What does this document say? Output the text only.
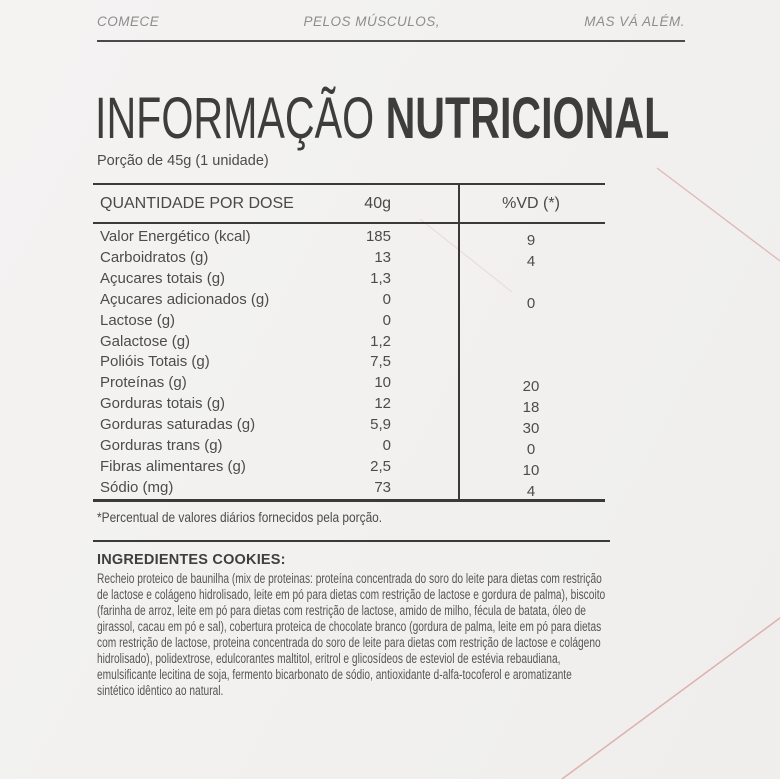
COMECE	PELOS MÚSCULOS,	MAS VÁ ALÉM.
INFORMAÇÃO NUTRICIONAL
Porção de 45g (1 unidade)
QUANTIDADE POR DOSE	40g	%VD (*)
Valor Energético (kcal)	185	9
Carboidratos (g)	13	4
Açucares totais (g)	1,3
Açucares adicionados (g)	0	0
Lactose (g)	0
Galactose (g)	1,2
Polióis Totais (g)	7,5
Proteínas (g)	10	20
Gorduras totais (g)	12	18
Gorduras saturadas (g)	5,9	30
Gorduras trans (g)	0	0
Fibras alimentares (g)	2,5	10
Sódio (mg)	73	4
*Percentual de valores diários fornecidos pela porção.
INGREDIENTES COOKIES:
Recheio proteico de baunilha (mix de proteinas: proteína concentrada do soro do leite para dietas com restrição de lactose e colágeno hidrolisado, leite em pó para dietas com restrição de lactose e gordura de palma), biscoito (farinha de arroz, leite em pó para dietas com restrição de lactose, amido de milho, fécula de batata, óleo de girassol, cacau em pó e sal), cobertura proteica de chocolate branco (gordura de palma, leite em pó para dietas com restrição de lactose, proteina concentrada do soro de leite para dietas com restrição de lactose e colágeno hidrolisado), polidextrose, edulcorantes maltitol, eritrol e glicosídeos de esteviol de estévia rebaudiana, emulsificante lecitina de soja, fermento bicarbonato de sódio, antioxidante d-alfa-tocoferol e aromatizante sintético idêntico ao natural.
